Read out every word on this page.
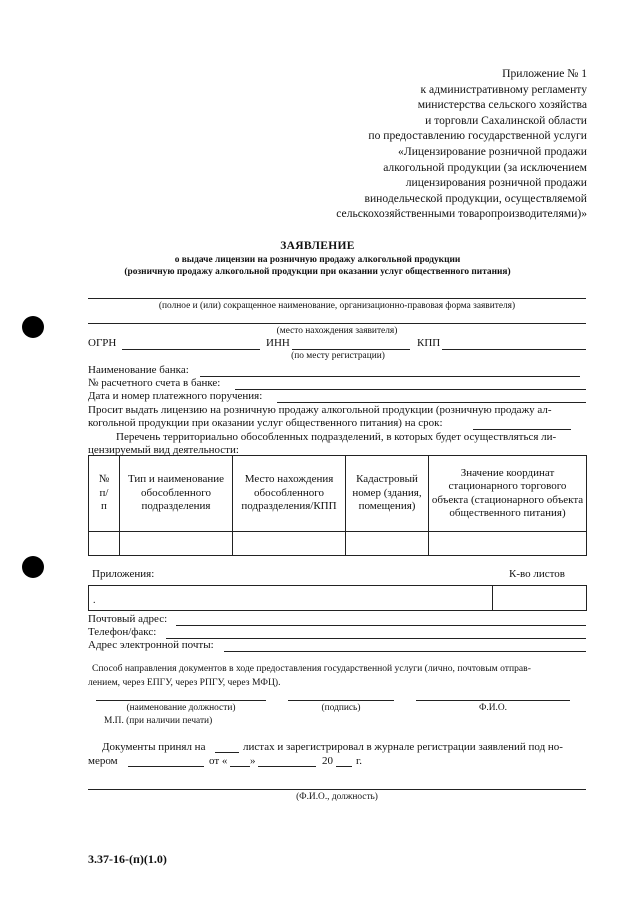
Приложение № 1
к административному регламенту
министерства сельского хозяйства
и торговли Сахалинской области
по предоставлению государственной услуги
«Лицензирование розничной продажи
алкогольной продукции (за исключением
лицензирования розничной продажи
винодельческой продукции, осуществляемой
сельскохозяйственными товаропроизводителями)»
ЗАЯВЛЕНИЕ
о выдаче лицензии на розничную продажу алкогольной продукции
(розничную продажу алкогольной продукции при оказании услуг общественного питания)
(полное и (или) сокращенное наименование, организационно-правовая форма заявителя)
(место нахождения заявителя)
ОГРН	ИНН	КПП
(по месту регистрации)
Наименование банка:
№ расчетного счета в банке:
Дата и номер платежного поручения:
Просит выдать лицензию на розничную продажу алкогольной продукции (розничную продажу ал-
когольной продукции при оказании услуг общественного питания) на срок:
Перечень территориально обособленных подразделений, в которых будет осуществляться ли-
цензируемый вид деятельности:
№ п/п	Тип и наименование обособленного подразделения	Место нахождения обособленного подразделения/КПП	Кадастровый номер (здания, помещения)	Значение координат стационарного торгового объекта (стационарного объекта общественного питания)

Приложения:	К-во листов
.
Почтовый адрес:
Телефон/факс:
Адрес электронной почты:
Способ направления документов в ходе предоставления государственной услуги (лично, почтовым отправ-
лением, через ЕПГУ, через РПГУ, через МФЦ).
(наименование должности)	(подпись)	Ф.И.О.
М.П. (при наличии печати)
Документы принял на	листах и зарегистрировал в журнале регистрации заявлений под но-
мером	от « »	20 г.
(Ф.И.О., должность)
3.37-16-(п)(1.0)
